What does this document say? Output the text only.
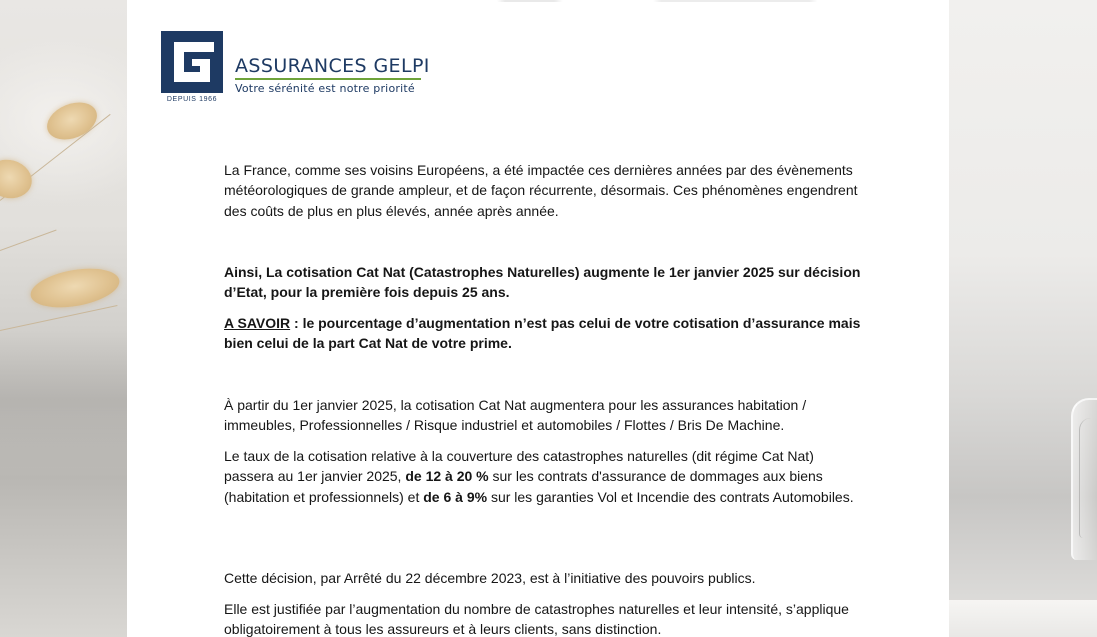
DEPUIS 1966
ASSURANCES GELPI
Votre sérénité est notre priorité

La France, comme ses voisins Européens, a été impactée ces dernières années par des évènements météorologiques de grande ampleur, et de façon récurrente, désormais. Ces phénomènes engendrent des coûts de plus en plus élevés, année après année.

Ainsi, La cotisation Cat Nat (Catastrophes Naturelles) augmente le 1er janvier 2025 sur décision d’Etat, pour la première fois depuis 25 ans.

A SAVOIR : le pourcentage d’augmentation n’est pas celui de votre cotisation d’assurance mais bien celui de la part Cat Nat de votre prime.

À partir du 1er janvier 2025, la cotisation Cat Nat augmentera pour les assurances habitation / immeubles, Professionnelles / Risque industriel et automobiles / Flottes / Bris De Machine.

Le taux de la cotisation relative à la couverture des catastrophes naturelles (dit régime Cat Nat) passera au 1er janvier 2025, de 12 à 20 % sur les contrats d'assurance de dommages aux biens (habitation et professionnels) et de 6 à 9% sur les garanties Vol et Incendie des contrats Automobiles.

Cette décision, par Arrêté du 22 décembre 2023, est à l’initiative des pouvoirs publics.

Elle est justifiée par l’augmentation du nombre de catastrophes naturelles et leur intensité, s’applique obligatoirement à tous les assureurs et à leurs clients, sans distinction.
